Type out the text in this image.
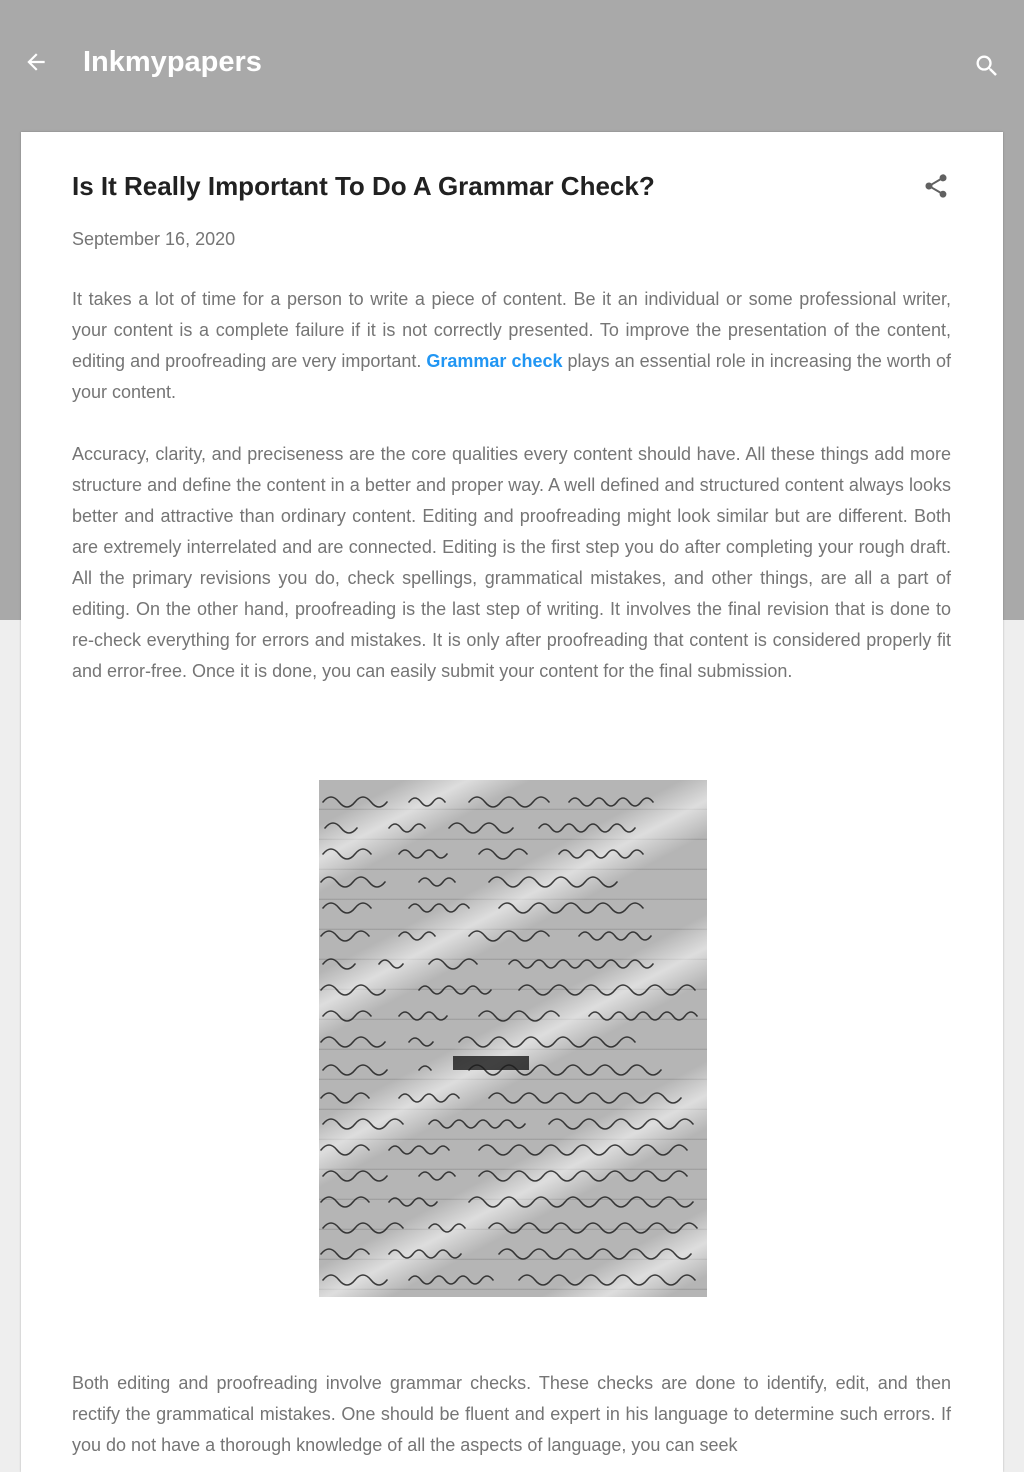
Inkmypapers
Is It Really Important To Do A Grammar Check?
September 16, 2020

It takes a lot of time for a person to write a piece of content. Be it an individual or some professional writer, your content is a complete failure if it is not correctly presented. To improve the presentation of the content, editing and proofreading are very important. Grammar check plays an essential role in increasing the worth of your content.

Accuracy, clarity, and preciseness are the core qualities every content should have. All these things add more structure and define the content in a better and proper way. A well defined and structured content always looks better and attractive than ordinary content. Editing and proofreading might look similar but are different. Both are extremely interrelated and are connected. Editing is the first step you do after completing your rough draft. All the primary revisions you do, check spellings, grammatical mistakes, and other things, are all a part of editing. On the other hand, proofreading is the last step of writing. It involves the final revision that is done to re-check everything for errors and mistakes. It is only after proofreading that content is considered properly fit and error-free. Once it is done, you can easily submit your content for the final submission.

Both editing and proofreading involve grammar checks. These checks are done to identify, edit, and then rectify the grammatical mistakes. One should be fluent and expert in his language to determine such errors. If you do not have a thorough knowledge of all the aspects of language, you can seek
